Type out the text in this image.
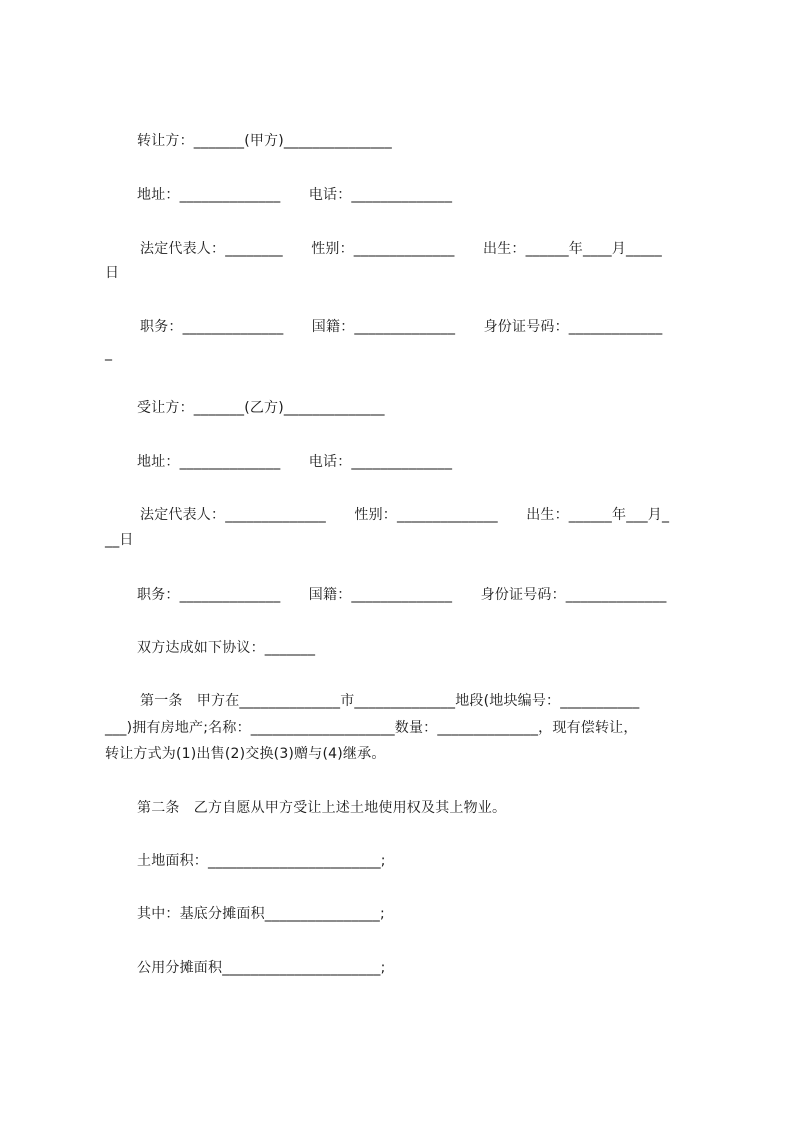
转让方：_______(甲方)_______________
地址：______________　　电话：______________
法定代表人：________　　性别：______________　　出生：______年____月_____
日
职务：______________　　国籍：______________　　身份证号码：_____________
_
受让方：_______(乙方)______________
地址：______________　　电话：______________
法定代表人：______________　　性别：______________　　出生：______年___月_
__日
职务：______________　　国籍：______________　　身份证号码：______________
双方达成如下协议：_______
第一条　甲方在______________市______________地段(地块编号：___________
___)拥有房地产;名称：____________________数量：______________，现有偿转让，
转让方式为(1)出售(2)交换(3)赠与(4)继承。
第二条　乙方自愿从甲方受让上述土地使用权及其上物业。
土地面积：________________________;
其中：基底分摊面积________________;
公用分摊面积______________________;
